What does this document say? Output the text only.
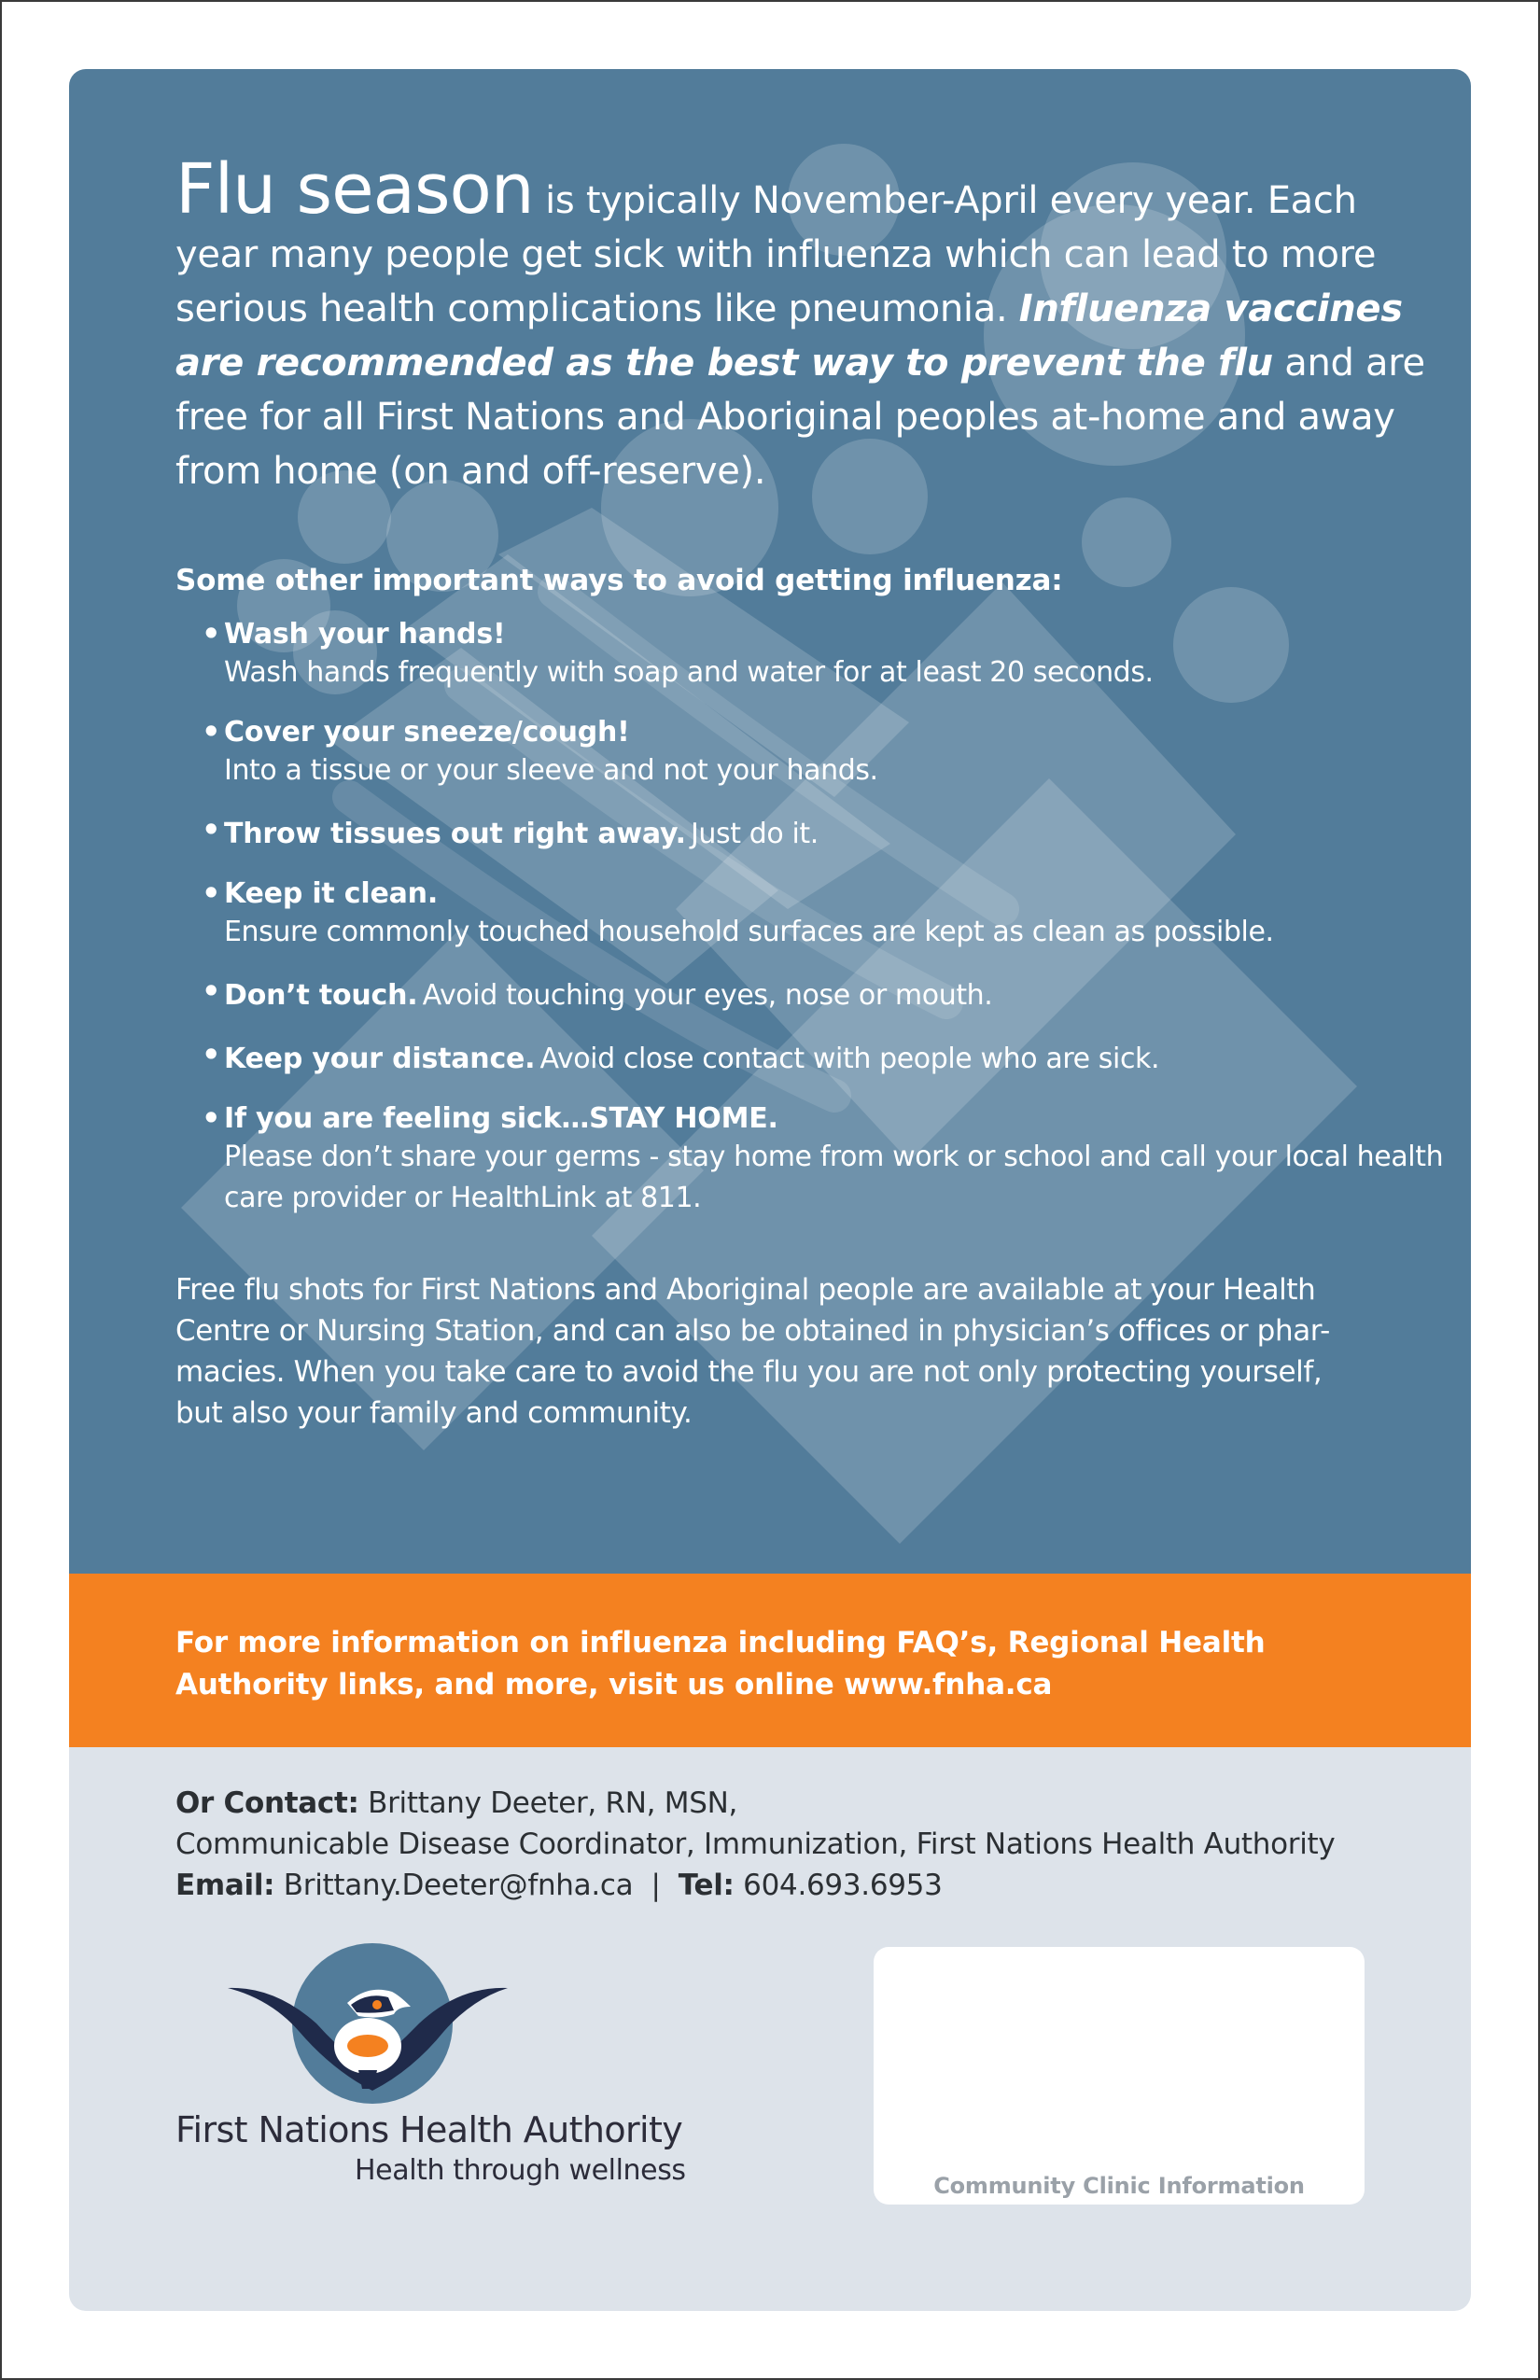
Flu season is typically November-April every year. Each year many people get sick with influenza which can lead to more serious health complications like pneumonia. Influenza vaccines are recommended as the best way to prevent the flu and are free for all First Nations and Aboriginal peoples at-home and away from home (on and off-reserve).

Some other important ways to avoid getting influenza:
• Wash your hands!
Wash hands frequently with soap and water for at least 20 seconds.
• Cover your sneeze/cough!
Into a tissue or your sleeve and not your hands.
• Throw tissues out right away. Just do it.
• Keep it clean.
Ensure commonly touched household surfaces are kept as clean as possible.
• Don’t touch. Avoid touching your eyes, nose or mouth.
• Keep your distance. Avoid close contact with people who are sick.
• If you are feeling sick…STAY HOME.
Please don’t share your germs - stay home from work or school and call your local health care provider or HealthLink at 811.

Free flu shots for First Nations and Aboriginal people are available at your Health Centre or Nursing Station, and can also be obtained in physician’s offices or phar-macies. When you take care to avoid the flu you are not only protecting yourself, but also your family and community.

For more information on influenza including FAQ’s, Regional Health Authority links, and more, visit us online www.fnha.ca

Or Contact: Brittany Deeter, RN, MSN,
Communicable Disease Coordinator, Immunization, First Nations Health Authority
Email: Brittany.Deeter@fnha.ca  |  Tel: 604.693.6953
First Nations Health Authority
Health through wellness	Community Clinic Information
